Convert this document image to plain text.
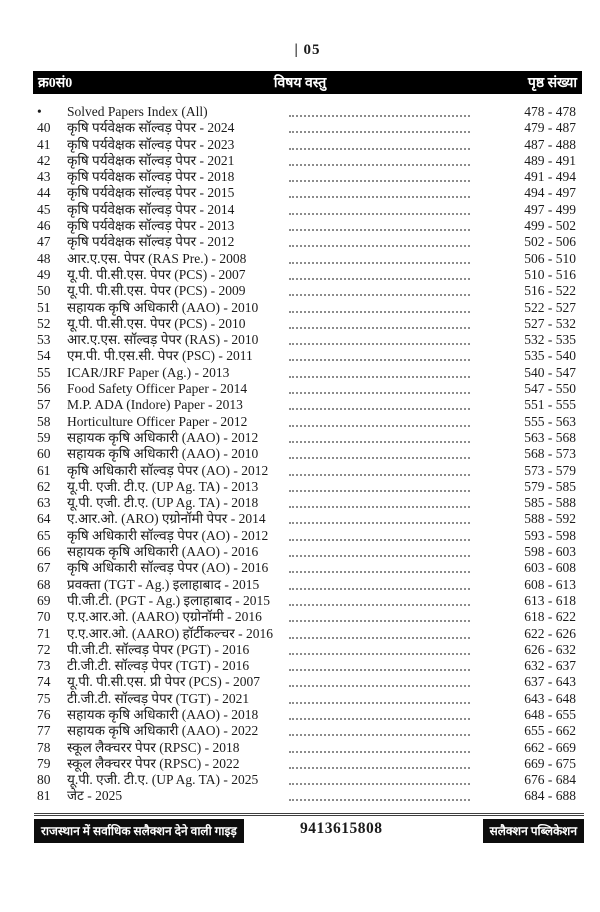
| 05
क्र0सं0	विषय वस्तु	पृष्ठ संख्या
•	Solved Papers Index (All)	478 - 478
40	कृषि पर्यवेक्षक सॉल्वड़ पेपर - 2024	479 - 487
41	कृषि पर्यवेक्षक सॉल्वड़ पेपर - 2023	487 - 488
42	कृषि पर्यवेक्षक सॉल्वड़ पेपर - 2021	489 - 491
43	कृषि पर्यवेक्षक सॉल्वड़ पेपर - 2018	491 - 494
44	कृषि पर्यवेक्षक सॉल्वड़ पेपर - 2015	494 - 497
45	कृषि पर्यवेक्षक सॉल्वड़ पेपर - 2014	497 - 499
46	कृषि पर्यवेक्षक सॉल्वड़ पेपर - 2013	499 - 502
47	कृषि पर्यवेक्षक सॉल्वड़ पेपर - 2012	502 - 506
48	आर.ए.एस. पेपर (RAS Pre.) - 2008	506 - 510
49	यू.पी. पी.सी.एस. पेपर (PCS) - 2007	510 - 516
50	यू.पी. पी.सी.एस. पेपर (PCS) - 2009	516 - 522
51	सहायक कृषि अधिकारी (AAO) - 2010	522 - 527
52	यू.पी. पी.सी.एस. पेपर (PCS) - 2010	527 - 532
53	आर.ए.एस. सॉल्वड़ पेपर (RAS) - 2010	532 - 535
54	एम.पी. पी.एस.सी. पेपर (PSC) - 2011	535 - 540
55	ICAR/JRF Paper (Ag.) - 2013	540 - 547
56	Food Safety Officer Paper - 2014	547 - 550
57	M.P. ADA (Indore) Paper - 2013	551 - 555
58	Horticulture Officer Paper - 2012	555 - 563
59	सहायक कृषि अधिकारी (AAO) - 2012	563 - 568
60	सहायक कृषि अधिकारी (AAO) - 2010	568 - 573
61	कृषि अधिकारी सॉल्वड़ पेपर (AO) - 2012	573 - 579
62	यू.पी. एजी. टी.ए. (UP Ag. TA) - 2013	579 - 585
63	यू.पी. एजी. टी.ए. (UP Ag. TA) - 2018	585 - 588
64	ए.आर.ओ. (ARO) एग्रोनॉमी पेपर - 2014	588 - 592
65	कृषि अधिकारी सॉल्वड़ पेपर (AO) - 2012	593 - 598
66	सहायक कृषि अधिकारी (AAO) - 2016	598 - 603
67	कृषि अधिकारी सॉल्वड़ पेपर (AO) - 2016	603 - 608
68	प्रवक्ता (TGT - Ag.) इलाहाबाद - 2015	608 - 613
69	पी.जी.टी. (PGT - Ag.) इलाहाबाद - 2015	613 - 618
70	ए.ए.आर.ओ. (AARO) एग्रोनॉमी - 2016	618 - 622
71	ए.ए.आर.ओ. (AARO) हॉर्टीकल्चर - 2016	622 - 626
72	पी.जी.टी. सॉल्वड़ पेपर (PGT) - 2016	626 - 632
73	टी.जी.टी. सॉल्वड़ पेपर (TGT) - 2016	632 - 637
74	यू.पी. पी.सी.एस. प्री पेपर (PCS) - 2007	637 - 643
75	टी.जी.टी. सॉल्वड़ पेपर (TGT) - 2021	643 - 648
76	सहायक कृषि अधिकारी (AAO) - 2018	648 - 655
77	सहायक कृषि अधिकारी (AAO) - 2022	655 - 662
78	स्कूल लैक्चरर पेपर (RPSC) - 2018	662 - 669
79	स्कूल लैक्चरर पेपर (RPSC) - 2022	669 - 675
80	यू.पी. एजी. टी.ए. (UP Ag. TA) - 2025	676 - 684
81	जेट - 2025	684 - 688
राजस्थान में सर्वाधिक सलैक्शन देने वाली गाइड़	9413615808	सलैक्शन पब्लिकेशन
